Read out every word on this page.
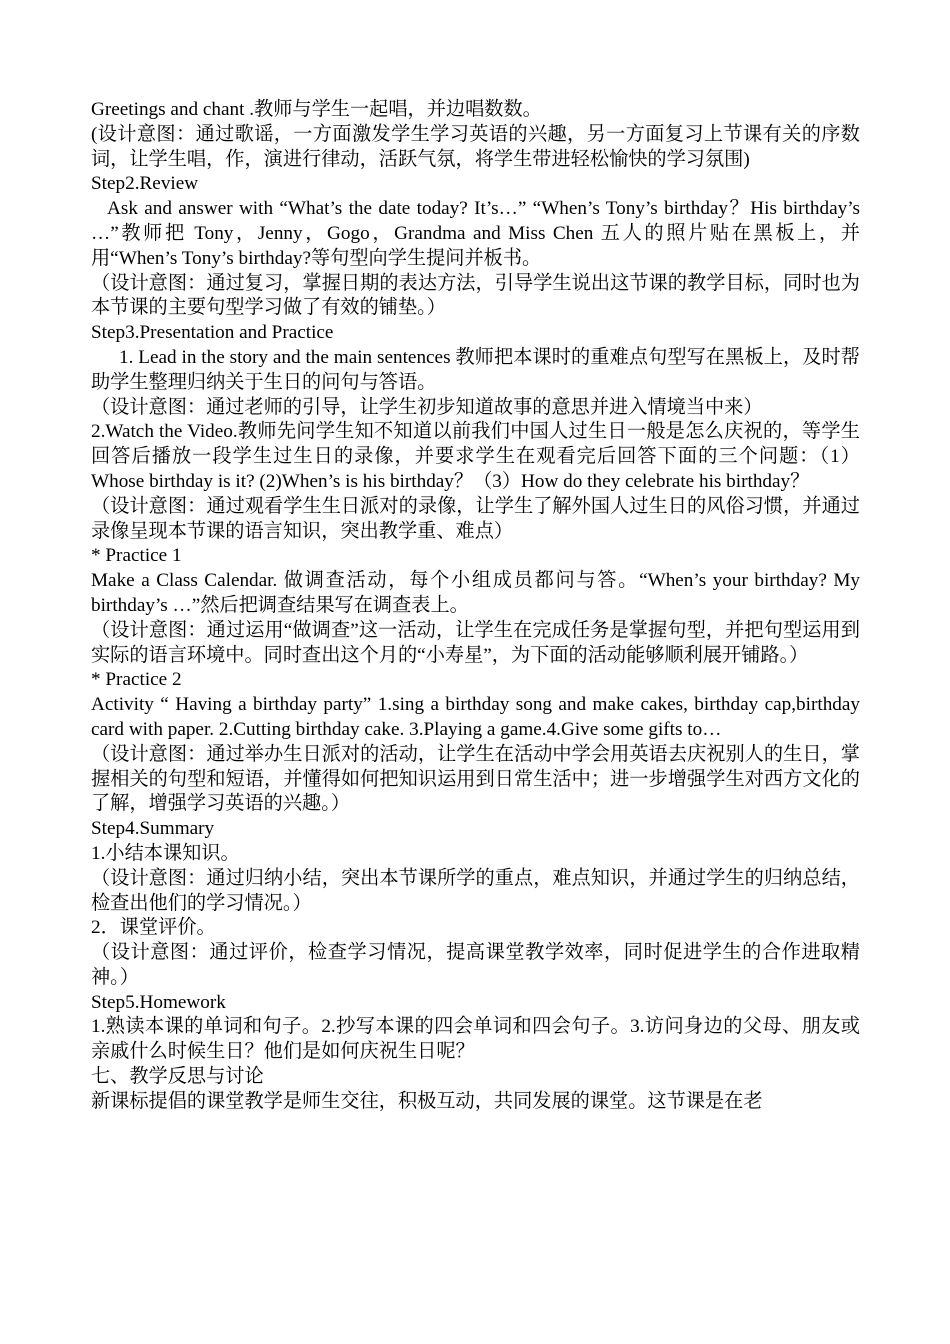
Greetings and chant .教师与学生一起唱，并边唱数数。

(设计意图：通过歌谣，一方面激发学生学习英语的兴趣，另一方面复习上节课有关的序数词，让学生唱，作，演进行律动，活跃气氛，将学生带进轻松愉快的学习氛围)

Step2.Review

Ask and answer with “What’s the date today? It’s…” “When’s Tony’s birthday？His birthday’s …”教师把 Tony，Jenny，Gogo，Grandma and Miss Chen 五人的照片贴在黑板上，并用“When’s Tony’s birthday?等句型向学生提问并板书。

（设计意图：通过复习，掌握日期的表达方法，引导学生说出这节课的教学目标，同时也为本节课的主要句型学习做了有效的铺垫。）

Step3.Presentation and Practice

1. Lead in the story and the main sentences 教师把本课时的重难点句型写在黑板上，及时帮助学生整理归纳关于生日的问句与答语。

（设计意图：通过老师的引导，让学生初步知道故事的意思并进入情境当中来）

2.Watch the Video.教师先问学生知不知道以前我们中国人过生日一般是怎么庆祝的，等学生回答后播放一段学生过生日的录像，并要求学生在观看完后回答下面的三个问题：（1）Whose birthday is it? (2)When’s is his birthday？（3）How do they celebrate his birthday？

（设计意图：通过观看学生生日派对的录像，让学生了解外国人过生日的风俗习惯，并通过录像呈现本节课的语言知识，突出教学重、难点）

* Practice 1

Make a Class Calendar. 做调查活动，每个小组成员都问与答。“When’s your birthday? My birthday’s …”然后把调查结果写在调查表上。

（设计意图：通过运用“做调查”这一活动，让学生在完成任务是掌握句型，并把句型运用到实际的语言环境中。同时查出这个月的“小寿星”，为下面的活动能够顺利展开铺路。）

* Practice 2

Activity “ Having a birthday party” 1.sing a birthday song and make cakes, birthday cap,birthday card with paper. 2.Cutting birthday cake. 3.Playing a game.4.Give some gifts to…

（设计意图：通过举办生日派对的活动，让学生在活动中学会用英语去庆祝别人的生日，掌握相关的句型和短语，并懂得如何把知识运用到日常生活中；进一步增强学生对西方文化的了解，增强学习英语的兴趣。）

Step4.Summary

1.小结本课知识。

（设计意图：通过归纳小结，突出本节课所学的重点，难点知识，并通过学生的归纳总结，检查出他们的学习情况。）

2．课堂评价。

（设计意图：通过评价，检查学习情况，提高课堂教学效率，同时促进学生的合作进取精神。）

Step5.Homework

1.熟读本课的单词和句子。2.抄写本课的四会单词和四会句子。3.访问身边的父母、朋友或亲戚什么时候生日？他们是如何庆祝生日呢？

七、教学反思与讨论

新课标提倡的课堂教学是师生交往，积极互动，共同发展的课堂。这节课是在老
